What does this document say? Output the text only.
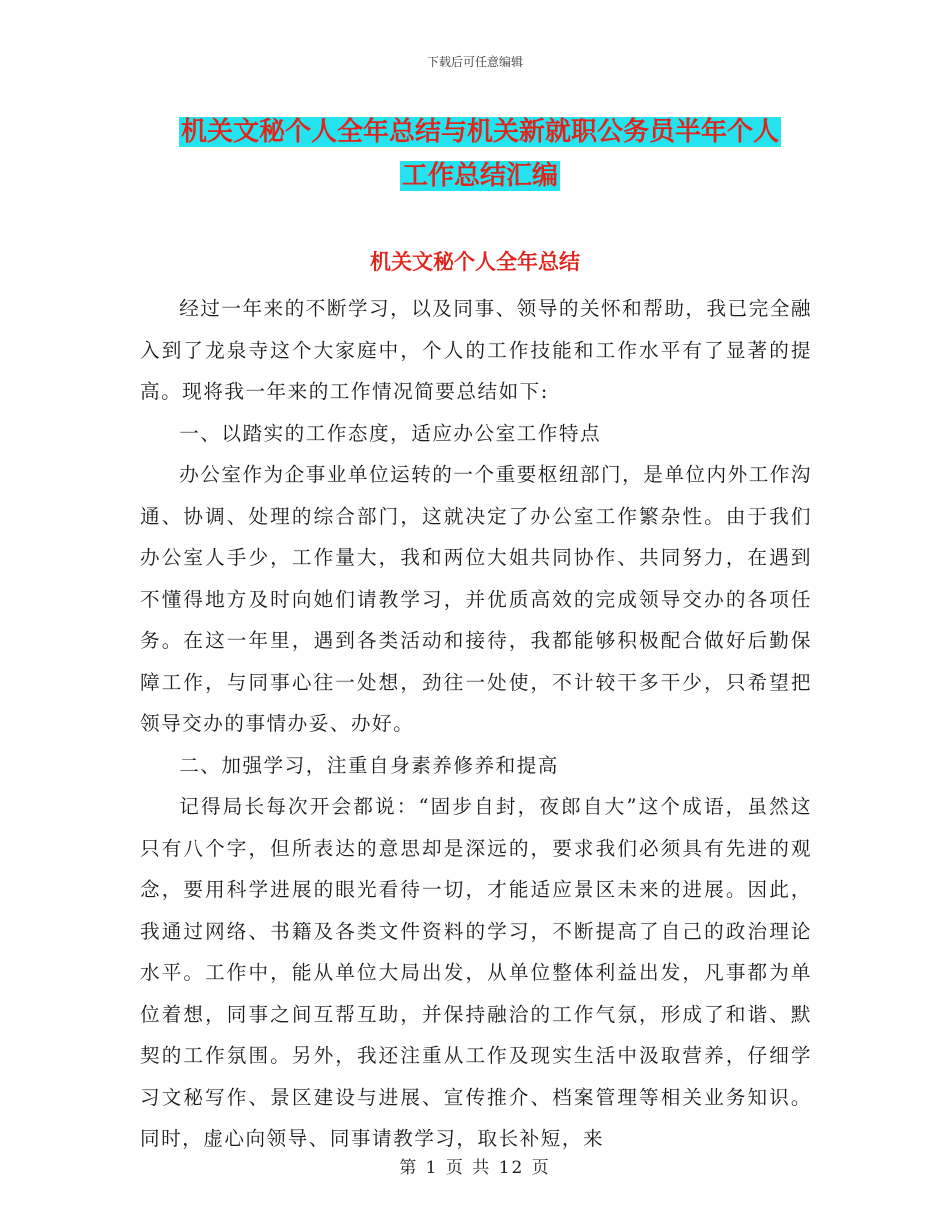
下载后可任意编辑
机关文秘个人全年总结与机关新就职公务员半年个人
工作总结汇编
机关文秘个人全年总结

经过一年来的不断学习，以及同事、领导的关怀和帮助，我已完全融入到了龙泉寺这个大家庭中，个人的工作技能和工作水平有了显著的提高。现将我一年来的工作情况简要总结如下:

一、以踏实的工作态度，适应办公室工作特点

办公室作为企事业单位运转的一个重要枢纽部门，是单位内外工作沟通、协调、处理的综合部门，这就决定了办公室工作繁杂性。由于我们办公室人手少，工作量大，我和两位大姐共同协作、共同努力，在遇到不懂得地方及时向她们请教学习，并优质高效的完成领导交办的各项任务。在这一年里，遇到各类活动和接待，我都能够积极配合做好后勤保障工作，与同事心往一处想，劲往一处使，不计较干多干少，只希望把领导交办的事情办妥、办好。

二、加强学习，注重自身素养修养和提高

记得局长每次开会都说：“固步自封，夜郎自大”这个成语，虽然这只有八个字，但所表达的意思却是深远的，要求我们必须具有先进的观念，要用科学进展的眼光看待一切，才能适应景区未来的进展。因此，我通过网络、书籍及各类文件资料的学习，不断提高了自己的政治理论水平。工作中，能从单位大局出发，从单位整体利益出发，凡事都为单位着想，同事之间互帮互助，并保持融洽的工作气氛，形成了和谐、默契的工作氛围。另外，我还注重从工作及现实生活中汲取营养，仔细学习文秘写作、景区建设与进展、宣传推介、档案管理等相关业务知识。同时，虚心向领导、同事请教学习，取长补短，来

第 1 页 共 12 页
